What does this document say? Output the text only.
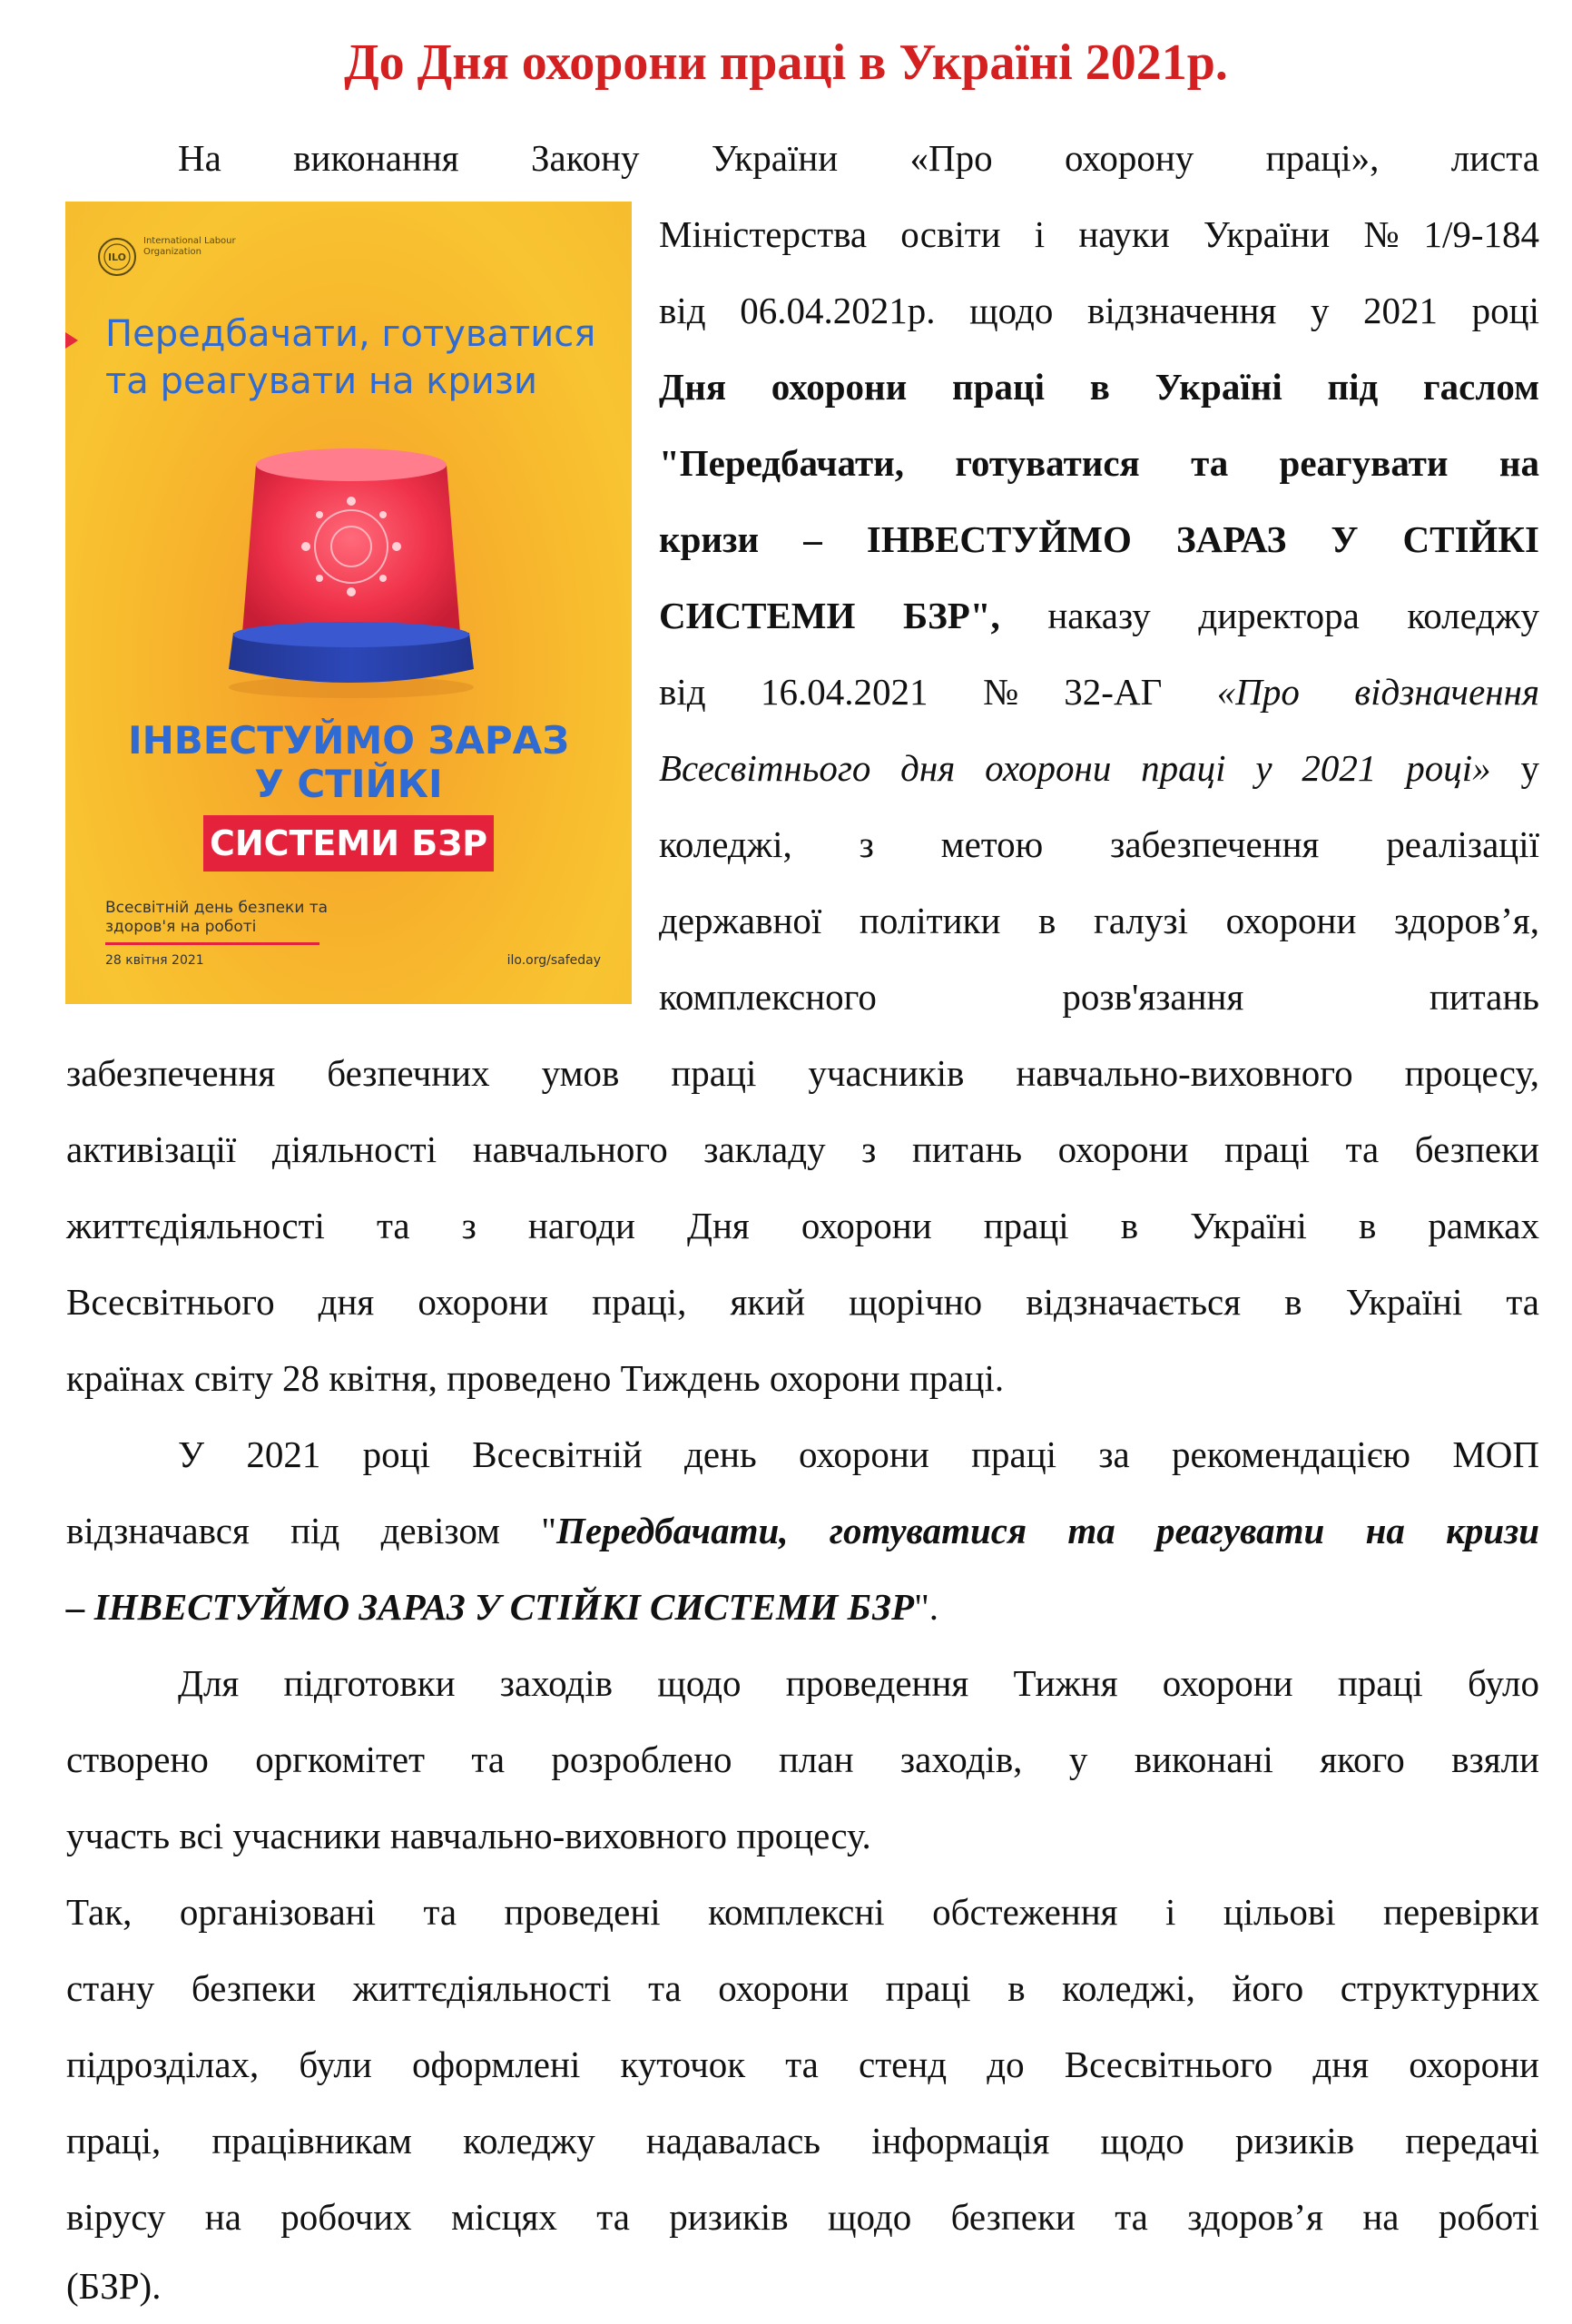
До Дня охорони праці в Україні 2021р.
ILO
International Labour Organization
Передбачати, готуватися та реагувати на кризи
ІНВЕСТУЙМО ЗАРАЗ
У СТІЙКІ
СИСТЕМИ БЗР
Всесвітній день безпеки та здоров'я на роботі
28 квітня 2021	ilo.org/safeday
На виконання Закону України «Про охорону праці», листа
Міністерства освіти і науки України №1/9-184
від 06.04.2021р. щодо відзначення у 2021 році
Дня охорони праці в Україні під гаслом
"Передбачати, готуватися та реагувати на
кризи – ІНВЕСТУЙМО ЗАРАЗ У СТІЙКІ
СИСТЕМИ БЗР", наказу директора коледжу
від 16.04.2021 №32-АГ «Про відзначення
Всесвітнього дня охорони праці у 2021 році» у
коледжі, з метою забезпечення реалізації
державної політики в галузі охорони здоров’я,
комплексного розв'язання питань
забезпечення безпечних умов праці учасників навчально-виховного процесу,
активізації діяльності навчального закладу з питань охорони праці та безпеки
життєдіяльності та з нагоди Дня охорони праці в Україні в рамках
Всесвітнього дня охорони праці, який щорічно відзначається в Україні та
країнах світу 28 квітня, проведено Тиждень охорони праці.
У 2021 році Всесвітній день охорони праці за рекомендацією МОП
відзначався під девізом "Передбачати, готуватися та реагувати на кризи
– ІНВЕСТУЙМО ЗАРАЗ У СТІЙКІ СИСТЕМИ БЗР".
Для підготовки заходів щодо проведення Тижня охорони праці було
створено оргкомітет та розроблено план заходів, у виконані якого взяли
участь всі учасники навчально-виховного процесу.
Так, організовані та проведені комплексні обстеження і цільові перевірки
стану безпеки життєдіяльності та охорони праці в коледжі, його структурних
підрозділах, були оформлені куточок та стенд до Всесвітнього дня охорони
праці, працівникам коледжу надавалась інформація щодо ризиків передачі
вірусу на робочих місцях та ризиків щодо безпеки та здоров’я на роботі
(БЗР).
